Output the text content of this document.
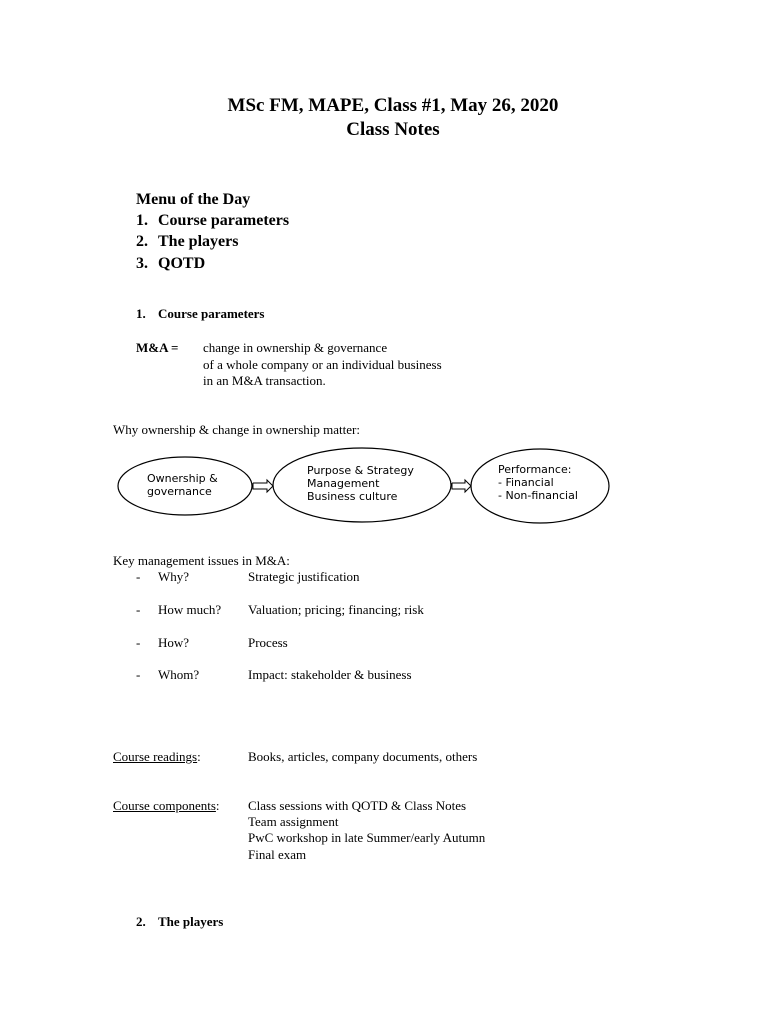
MSc FM, MAPE, Class #1, May 26, 2020
Class Notes
Menu of the Day
1. Course parameters
2. The players
3. QOTD
1. Course parameters
M&A = change in ownership & governance
of a whole company or an individual business
in an M&A transaction.
Why ownership & change in ownership matter:
Ownership &
governance
Purpose & Strategy
Management
Business culture
Performance:
- Financial
- Non-financial
Key management issues in M&A:
- Why?	Strategic justification
- How much? Valuation; pricing; financing; risk
- How?	Process
- Whom?	Impact: stakeholder & business
Course readings:	Books, articles, company documents, others
Course components: Class sessions with QOTD & Class Notes
Team assignment
PwC workshop in late Summer/early Autumn
Final exam
2. The players
